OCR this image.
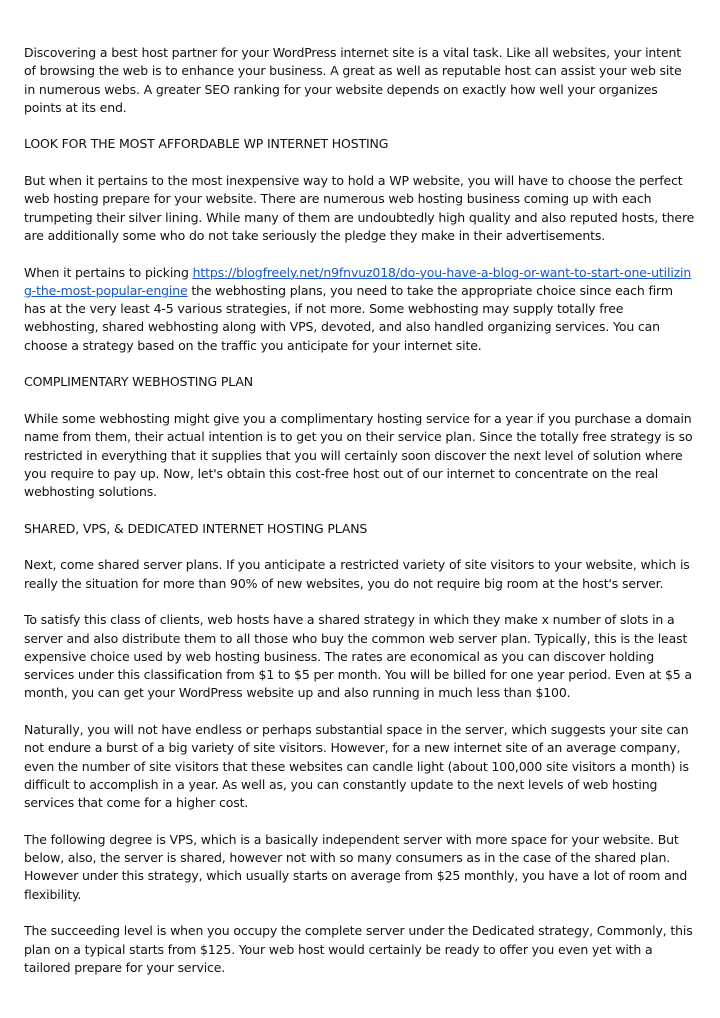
Discovering a best host partner for your WordPress internet site is a vital task. Like all websites, your intent of browsing the web is to enhance your business. A great as well as reputable host can assist your web site in numerous webs. A greater SEO ranking for your website depends on exactly how well your organizes points at its end.

LOOK FOR THE MOST AFFORDABLE WP INTERNET HOSTING

But when it pertains to the most inexpensive way to hold a WP website, you will have to choose the perfect web hosting prepare for your website. There are numerous web hosting business coming up with each trumpeting their silver lining. While many of them are undoubtedly high quality and also reputed hosts, there are additionally some who do not take seriously the pledge they make in their advertisements.

When it pertains to picking https://blogfreely.net/n9fnvuz018/do-you-have-a-blog-or-want-to-start-one-utilizing-the-most-popular-engine the webhosting plans, you need to take the appropriate choice since each firm has at the very least 4-5 various strategies, if not more. Some webhosting may supply totally free webhosting, shared webhosting along with VPS, devoted, and also handled organizing services. You can choose a strategy based on the traffic you anticipate for your internet site.

COMPLIMENTARY WEBHOSTING PLAN

While some webhosting might give you a complimentary hosting service for a year if you purchase a domain name from them, their actual intention is to get you on their service plan. Since the totally free strategy is so restricted in everything that it supplies that you will certainly soon discover the next level of solution where you require to pay up. Now, let's obtain this cost-free host out of our internet to concentrate on the real webhosting solutions.

SHARED, VPS, & DEDICATED INTERNET HOSTING PLANS

Next, come shared server plans. If you anticipate a restricted variety of site visitors to your website, which is really the situation for more than 90% of new websites, you do not require big room at the host's server.

To satisfy this class of clients, web hosts have a shared strategy in which they make x number of slots in a server and also distribute them to all those who buy the common web server plan. Typically, this is the least expensive choice used by web hosting business. The rates are economical as you can discover holding services under this classification from $1 to $5 per month. You will be billed for one year period. Even at $5 a month, you can get your WordPress website up and also running in much less than $100.

Naturally, you will not have endless or perhaps substantial space in the server, which suggests your site can not endure a burst of a big variety of site visitors. However, for a new internet site of an average company, even the number of site visitors that these websites can candle light (about 100,000 site visitors a month) is difficult to accomplish in a year. As well as, you can constantly update to the next levels of web hosting services that come for a higher cost.

The following degree is VPS, which is a basically independent server with more space for your website. But below, also, the server is shared, however not with so many consumers as in the case of the shared plan. However under this strategy, which usually starts on average from $25 monthly, you have a lot of room and flexibility.

The succeeding level is when you occupy the complete server under the Dedicated strategy, Commonly, this plan on a typical starts from $125. Your web host would certainly be ready to offer you even yet with a tailored prepare for your service.
